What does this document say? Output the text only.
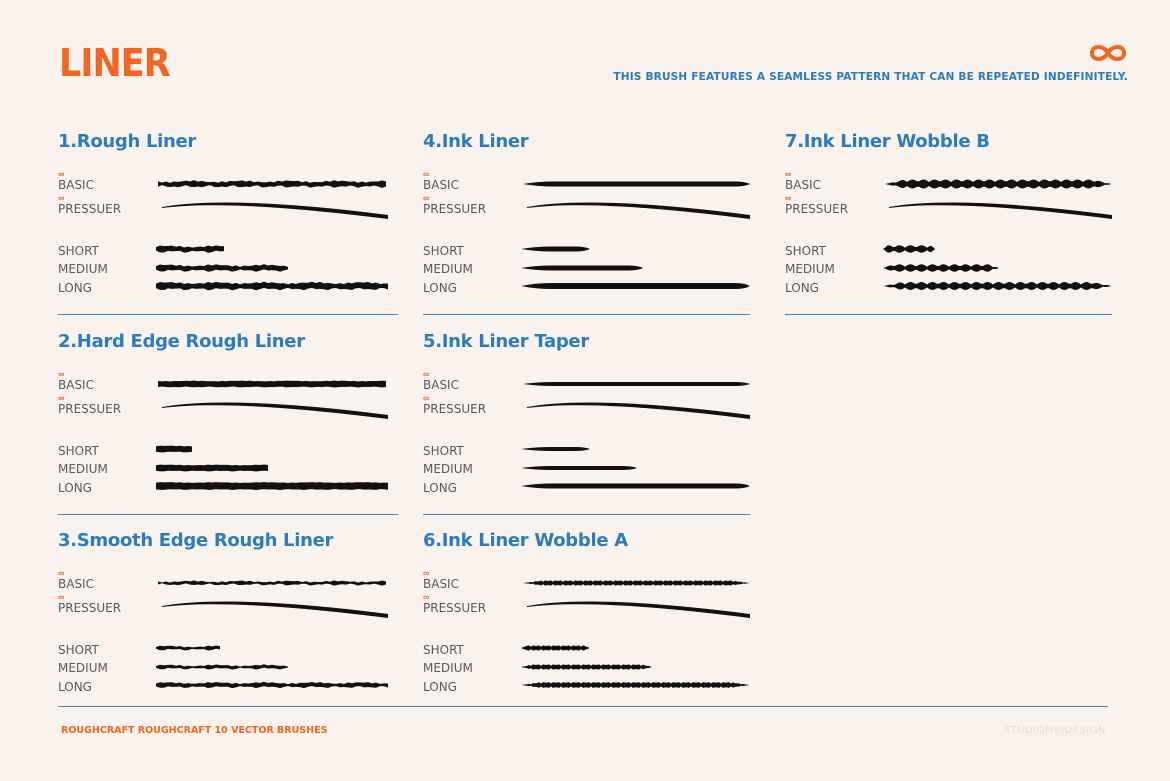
LINER	THIS BRUSH FEATURES A SEAMLESS PATTERN THAT CAN BE REPEATED INDEFINITELY.
1.Rough Liner
∞
BASIC
∞
PRESSUER
SHORT
MEDIUM
LONG
2.Hard Edge Rough Liner
∞
BASIC
∞
PRESSUER
SHORT
MEDIUM
LONG
3.Smooth Edge Rough Liner
∞
BASIC
∞
PRESSUER
SHORT
MEDIUM
LONG
4.Ink Liner
∞
BASIC
∞
PRESSUER
SHORT
MEDIUM
LONG
5.Ink Liner Taper
∞
BASIC
∞
PRESSUER
SHORT
MEDIUM
LONG
6.Ink Liner Wobble A
∞
BASIC
∞
PRESSUER
SHORT
MEDIUM
LONG
7.Ink Liner Wobble B
∞
BASIC
∞
PRESSUER
SHORT
MEDIUM
LONG
ROUGHCRAFT ROUGHCRAFT 10 VECTOR BRUSHES	STUDIOMEIDESIGN
